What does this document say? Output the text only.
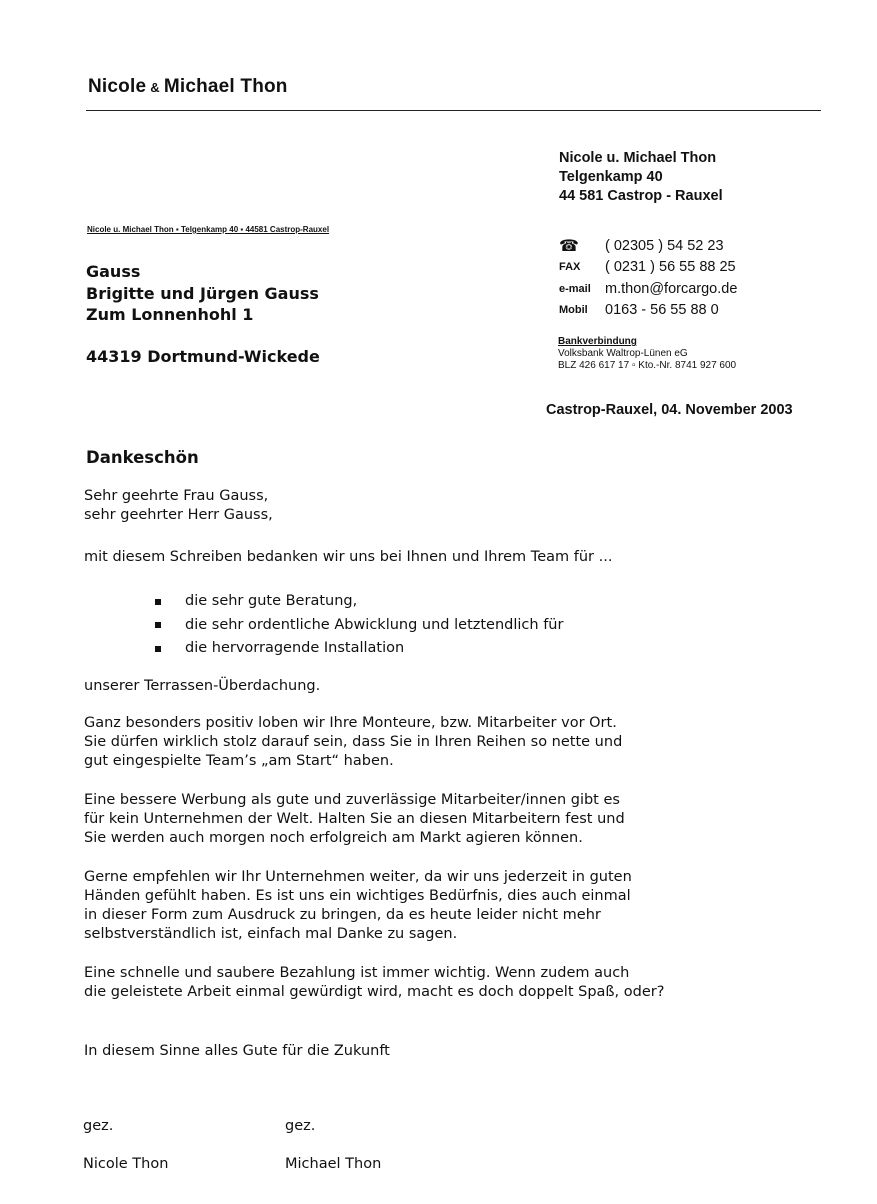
Nicole & Michael Thon
Nicole u. Michael Thon
Telgenkamp 40
44 581 Castrop - Rauxel
Nicole u. Michael Thon ▪ Telgenkamp 40 ▪ 44581 Castrop-Rauxel
Gauss
Brigitte und Jürgen Gauss
Zum Lonnenhohl 1
44319 Dortmund-Wickede
☎	( 02305 ) 54 52 23
FAX	( 0231 ) 56 55 88 25
e-mail m.thon@forcargo.de
Mobil	0163 - 56 55 88 0
Bankverbindung
Volksbank Waltrop-Lünen eG
BLZ 426 617 17 ▫ Kto.-Nr. 8741 927 600
Castrop-Rauxel, 04. November 2003
Dankeschön
Sehr geehrte Frau Gauss,
sehr geehrter Herr Gauss,
mit diesem Schreiben bedanken wir uns bei Ihnen und Ihrem Team für ...
die sehr gute Beratung,
die sehr ordentliche Abwicklung und letztendlich für
die hervorragende Installation
unserer Terrassen-Überdachung.
Ganz besonders positiv loben wir Ihre Monteure, bzw. Mitarbeiter vor Ort.
Sie dürfen wirklich stolz darauf sein, dass Sie in Ihren Reihen so nette und
gut eingespielte Team’s „am Start“ haben.
Eine bessere Werbung als gute und zuverlässige Mitarbeiter/innen gibt es
für kein Unternehmen der Welt. Halten Sie an diesen Mitarbeitern fest und
Sie werden auch morgen noch erfolgreich am Markt agieren können.
Gerne empfehlen wir Ihr Unternehmen weiter, da wir uns jederzeit in guten
Händen gefühlt haben. Es ist uns ein wichtiges Bedürfnis, dies auch einmal
in dieser Form zum Ausdruck zu bringen, da es heute leider nicht mehr
selbstverständlich ist, einfach mal Danke zu sagen.
Eine schnelle und saubere Bezahlung ist immer wichtig. Wenn zudem auch
die geleistete Arbeit einmal gewürdigt wird, macht es doch doppelt Spaß, oder?
In diesem Sinne alles Gute für die Zukunft

gez.

Nicole Thon

gez.

Michael Thon
